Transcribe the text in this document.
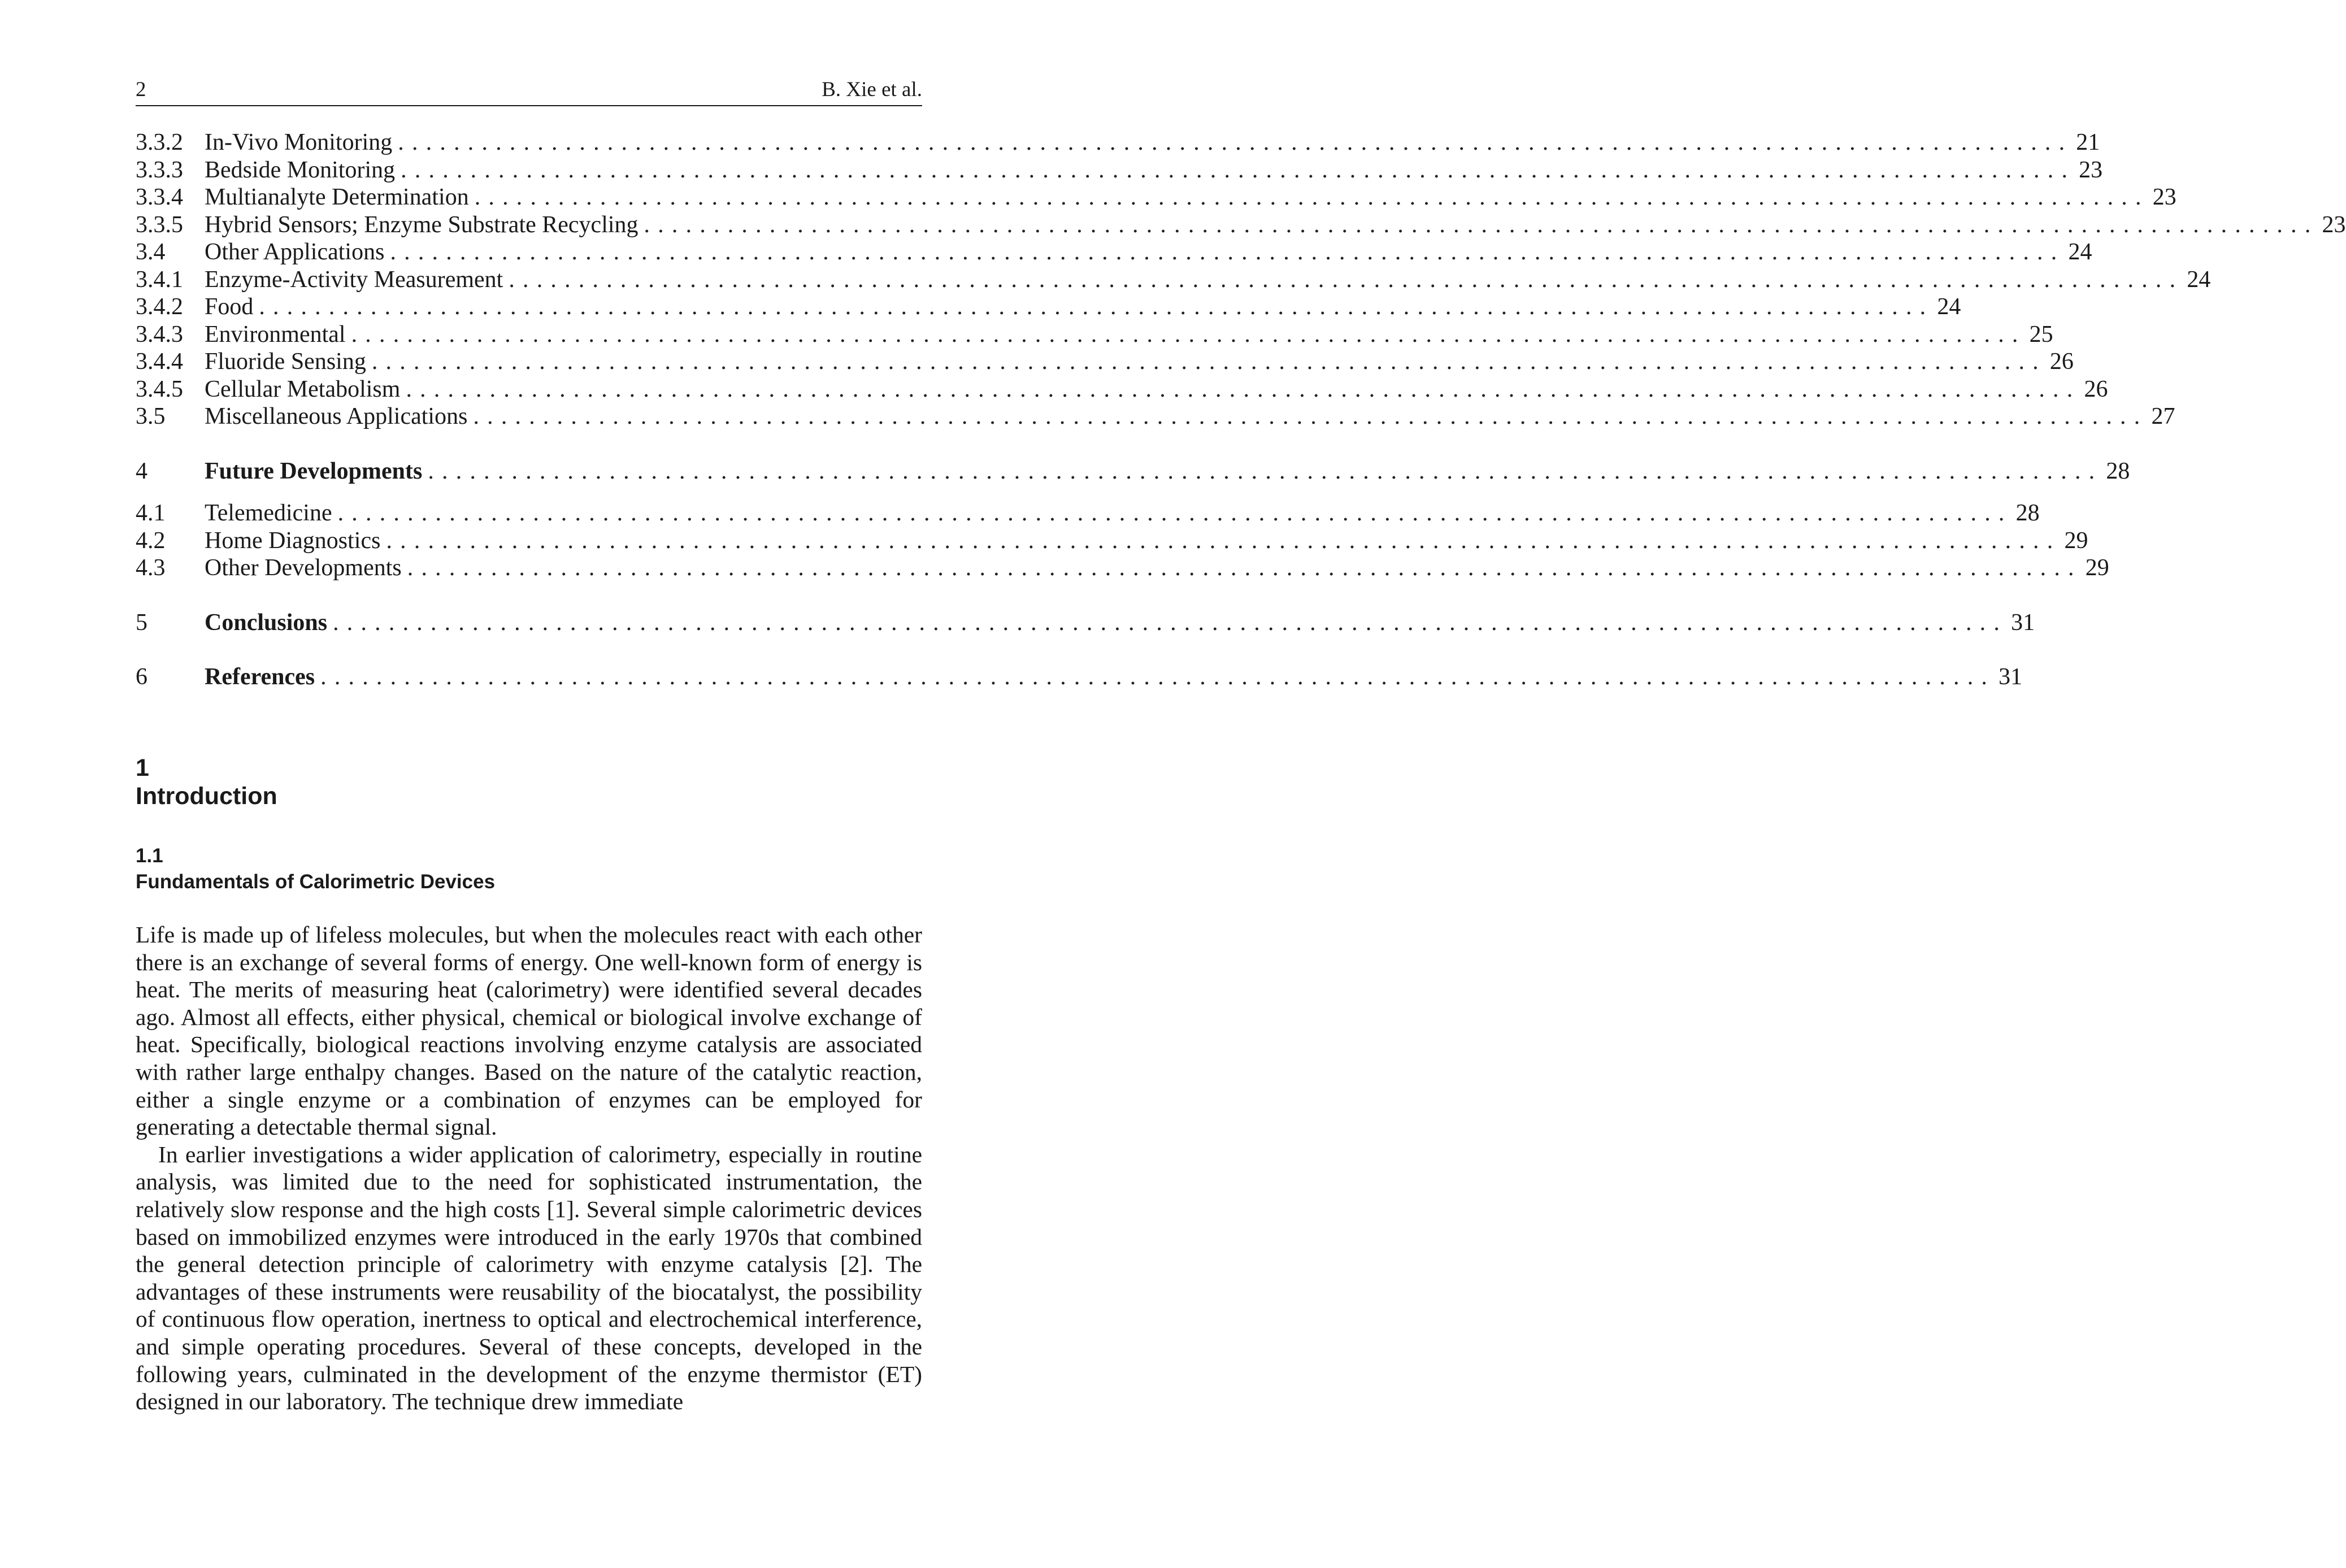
2	B. Xie et al.
3.3.2 In-Vivo Monitoring ........................................................................................................................ 21
3.3.3 Bedside Monitoring ........................................................................................................................ 23
3.3.4 Multianalyte Determination ........................................................................................................................ 23
3.3.5 Hybrid Sensors; Enzyme Substrate Recycling ........................................................................................................................ 23
3.4	Other Applications ........................................................................................................................ 24
3.4.1 Enzyme-Activity Measurement ........................................................................................................................ 24
3.4.2 Food ........................................................................................................................ 24
3.4.3 Environmental ........................................................................................................................ 25
3.4.4 Fluoride Sensing ........................................................................................................................ 26
3.4.5 Cellular Metabolism ........................................................................................................................ 26
3.5	Miscellaneous Applications ........................................................................................................................ 27
4	Future Developments ........................................................................................................................ 28
4.1	Telemedicine ........................................................................................................................ 28
4.2	Home Diagnostics ........................................................................................................................ 29
4.3	Other Developments ........................................................................................................................ 29
5	Conclusions ........................................................................................................................ 31
6	References ........................................................................................................................ 31
1
Introduction
1.1
Fundamentals of Calorimetric Devices

Life is made up of lifeless molecules, but when the molecules react with each other there is an exchange of several forms of energy. One well-known form of energy is heat. The merits of measuring heat (calorimetry) were identified several decades ago. Almost all effects, either physical, chemical or biological involve exchange of heat. Specifically, biological reactions involving enzyme catalysis are associated with rather large enthalpy changes. Based on the nature of the catalytic reaction, either a single enzyme or a combination of enzymes can be employed for generating a detectable thermal signal.

In earlier investigations a wider application of calorimetry, especially in routine analysis, was limited due to the need for sophisticated instrumentation, the relatively slow response and the high costs [1]. Several simple calorimetric devices based on immobilized enzymes were introduced in the early 1970s that combined the general detection principle of calorimetry with enzyme catalysis [2]. The advantages of these instruments were reusability of the biocatalyst, the possibility of continuous flow operation, inertness to optical and electrochemical interference, and simple operating procedures. Several of these concepts, developed in the following years, culminated in the development of the enzyme thermistor (ET) designed in our laboratory. The technique drew immediate
